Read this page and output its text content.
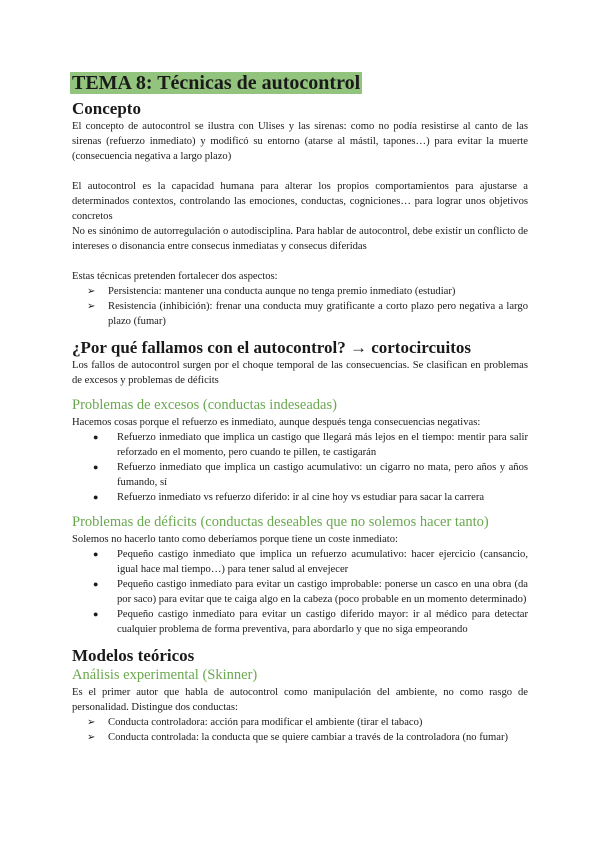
TEMA 8: Técnicas de autocontrol
Concepto

El concepto de autocontrol se ilustra con Ulises y las sirenas: como no podía resistirse al canto de las sirenas (refuerzo inmediato) y modificó su entorno (atarse al mástil, tapones…) para evitar la muerte (consecuencia negativa a largo plazo)

El autocontrol es la capacidad humana para alterar los propios comportamientos para ajustarse a determinados contextos, controlando las emociones, conductas, cogniciones… para lograr unos objetivos concretos

No es sinónimo de autorregulación o autodisciplina. Para hablar de autocontrol, debe existir un conflicto de intereses o disonancia entre consecus inmediatas y consecus diferidas

Estas técnicas pretenden fortalecer dos aspectos:

➢ Persistencia: mantener una conducta aunque no tenga premio inmediato (estudiar)
➢ Resistencia (inhibición): frenar una conducta muy gratificante a corto plazo pero negativa a largo plazo (fumar)
¿Por qué fallamos con el autocontrol? → cortocircuitos

Los fallos de autocontrol surgen por el choque temporal de las consecuencias. Se clasifican en problemas de excesos y problemas de déficits

Problemas de excesos (conductas indeseadas)

Hacemos cosas porque el refuerzo es inmediato, aunque después tenga consecuencias negativas:

● Refuerzo inmediato que implica un castigo que llegará más lejos en el tiempo: mentir para salir reforzado en el momento, pero cuando te pillen, te castigarán
● Refuerzo inmediato que implica un castigo acumulativo: un cigarro no mata, pero años y años fumando, sí
● Refuerzo inmediato vs refuerzo diferido: ir al cine hoy vs estudiar para sacar la carrera
Problemas de déficits (conductas deseables que no solemos hacer tanto)

Solemos no hacerlo tanto como deberíamos porque tiene un coste inmediato:

● Pequeño castigo inmediato que implica un refuerzo acumulativo: hacer ejercicio (cansancio, igual hace mal tiempo…) para tener salud al envejecer
● Pequeño castigo inmediato para evitar un castigo improbable: ponerse un casco en una obra (da por saco) para evitar que te caiga algo en la cabeza (poco probable en un momento determinado)
● Pequeño castigo inmediato para evitar un castigo diferido mayor: ir al médico para detectar cualquier problema de forma preventiva, para abordarlo y que no siga empeorando
Modelos teóricos
Análisis experimental (Skinner)

Es el primer autor que habla de autocontrol como manipulación del ambiente, no como rasgo de personalidad. Distingue dos conductas:

➢ Conducta controladora: acción para modificar el ambiente (tirar el tabaco)
➢ Conducta controlada: la conducta que se quiere cambiar a través de la controladora (no fumar)
